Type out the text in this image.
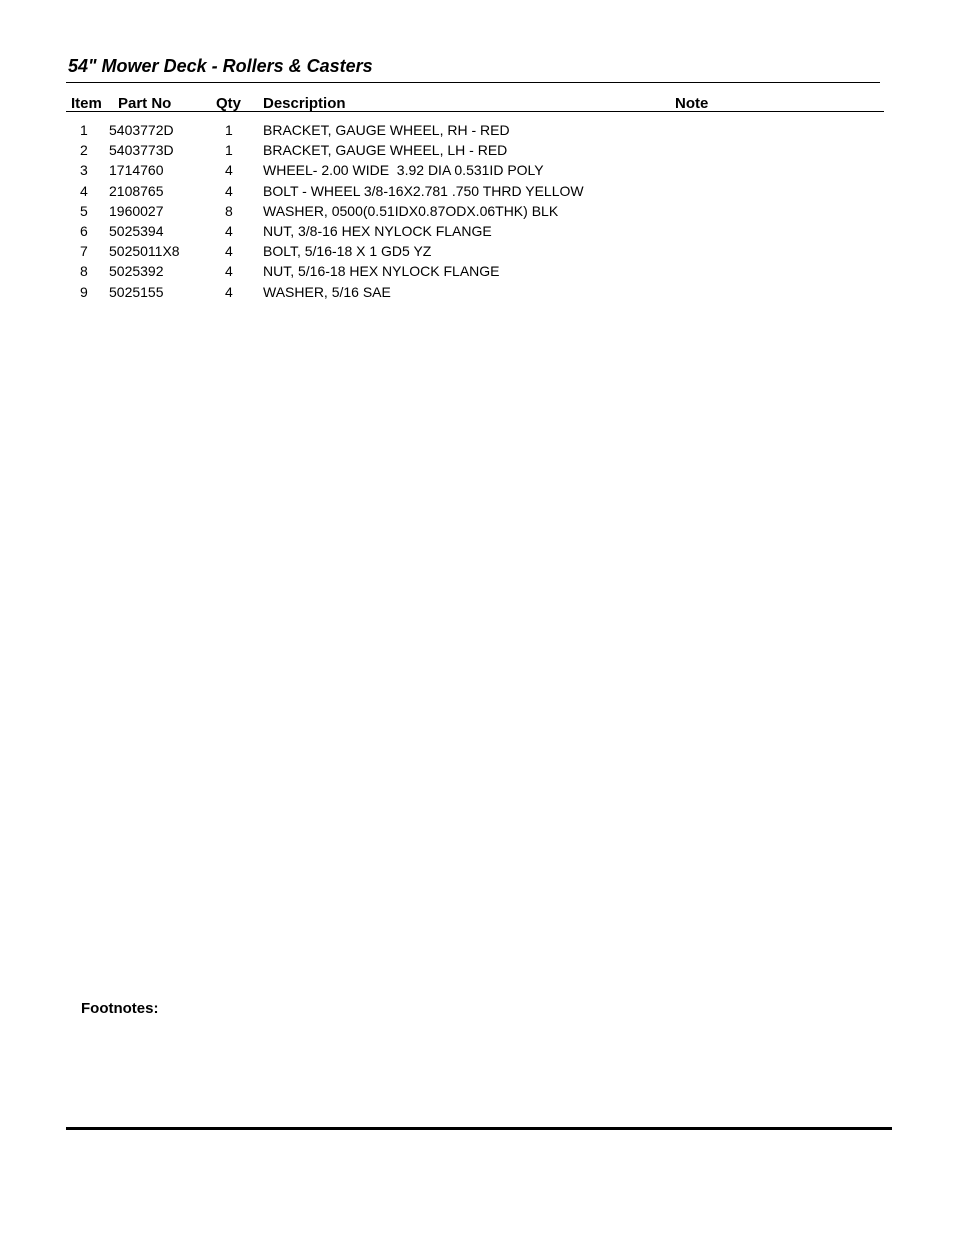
54" Mower Deck - Rollers & Casters
Item Part No	Qty Description	Note
1 5403772D	1 BRACKET, GAUGE WHEEL, RH - RED
2 5403773D	1 BRACKET, GAUGE WHEEL, LH - RED
3 1714760	4 WHEEL- 2.00 WIDE  3.92 DIA 0.531ID POLY
4 2108765	4 BOLT - WHEEL 3/8-16X2.781 .750 THRD YELLOW
5 1960027	8 WASHER, 0500(0.51IDX0.87ODX.06THK) BLK
6 5025394	4 NUT, 3/8-16 HEX NYLOCK FLANGE
7 5025011X8	4 BOLT, 5/16-18 X 1 GD5 YZ
8 5025392	4 NUT, 5/16-18 HEX NYLOCK FLANGE
9 5025155	4 WASHER, 5/16 SAE
Footnotes:
